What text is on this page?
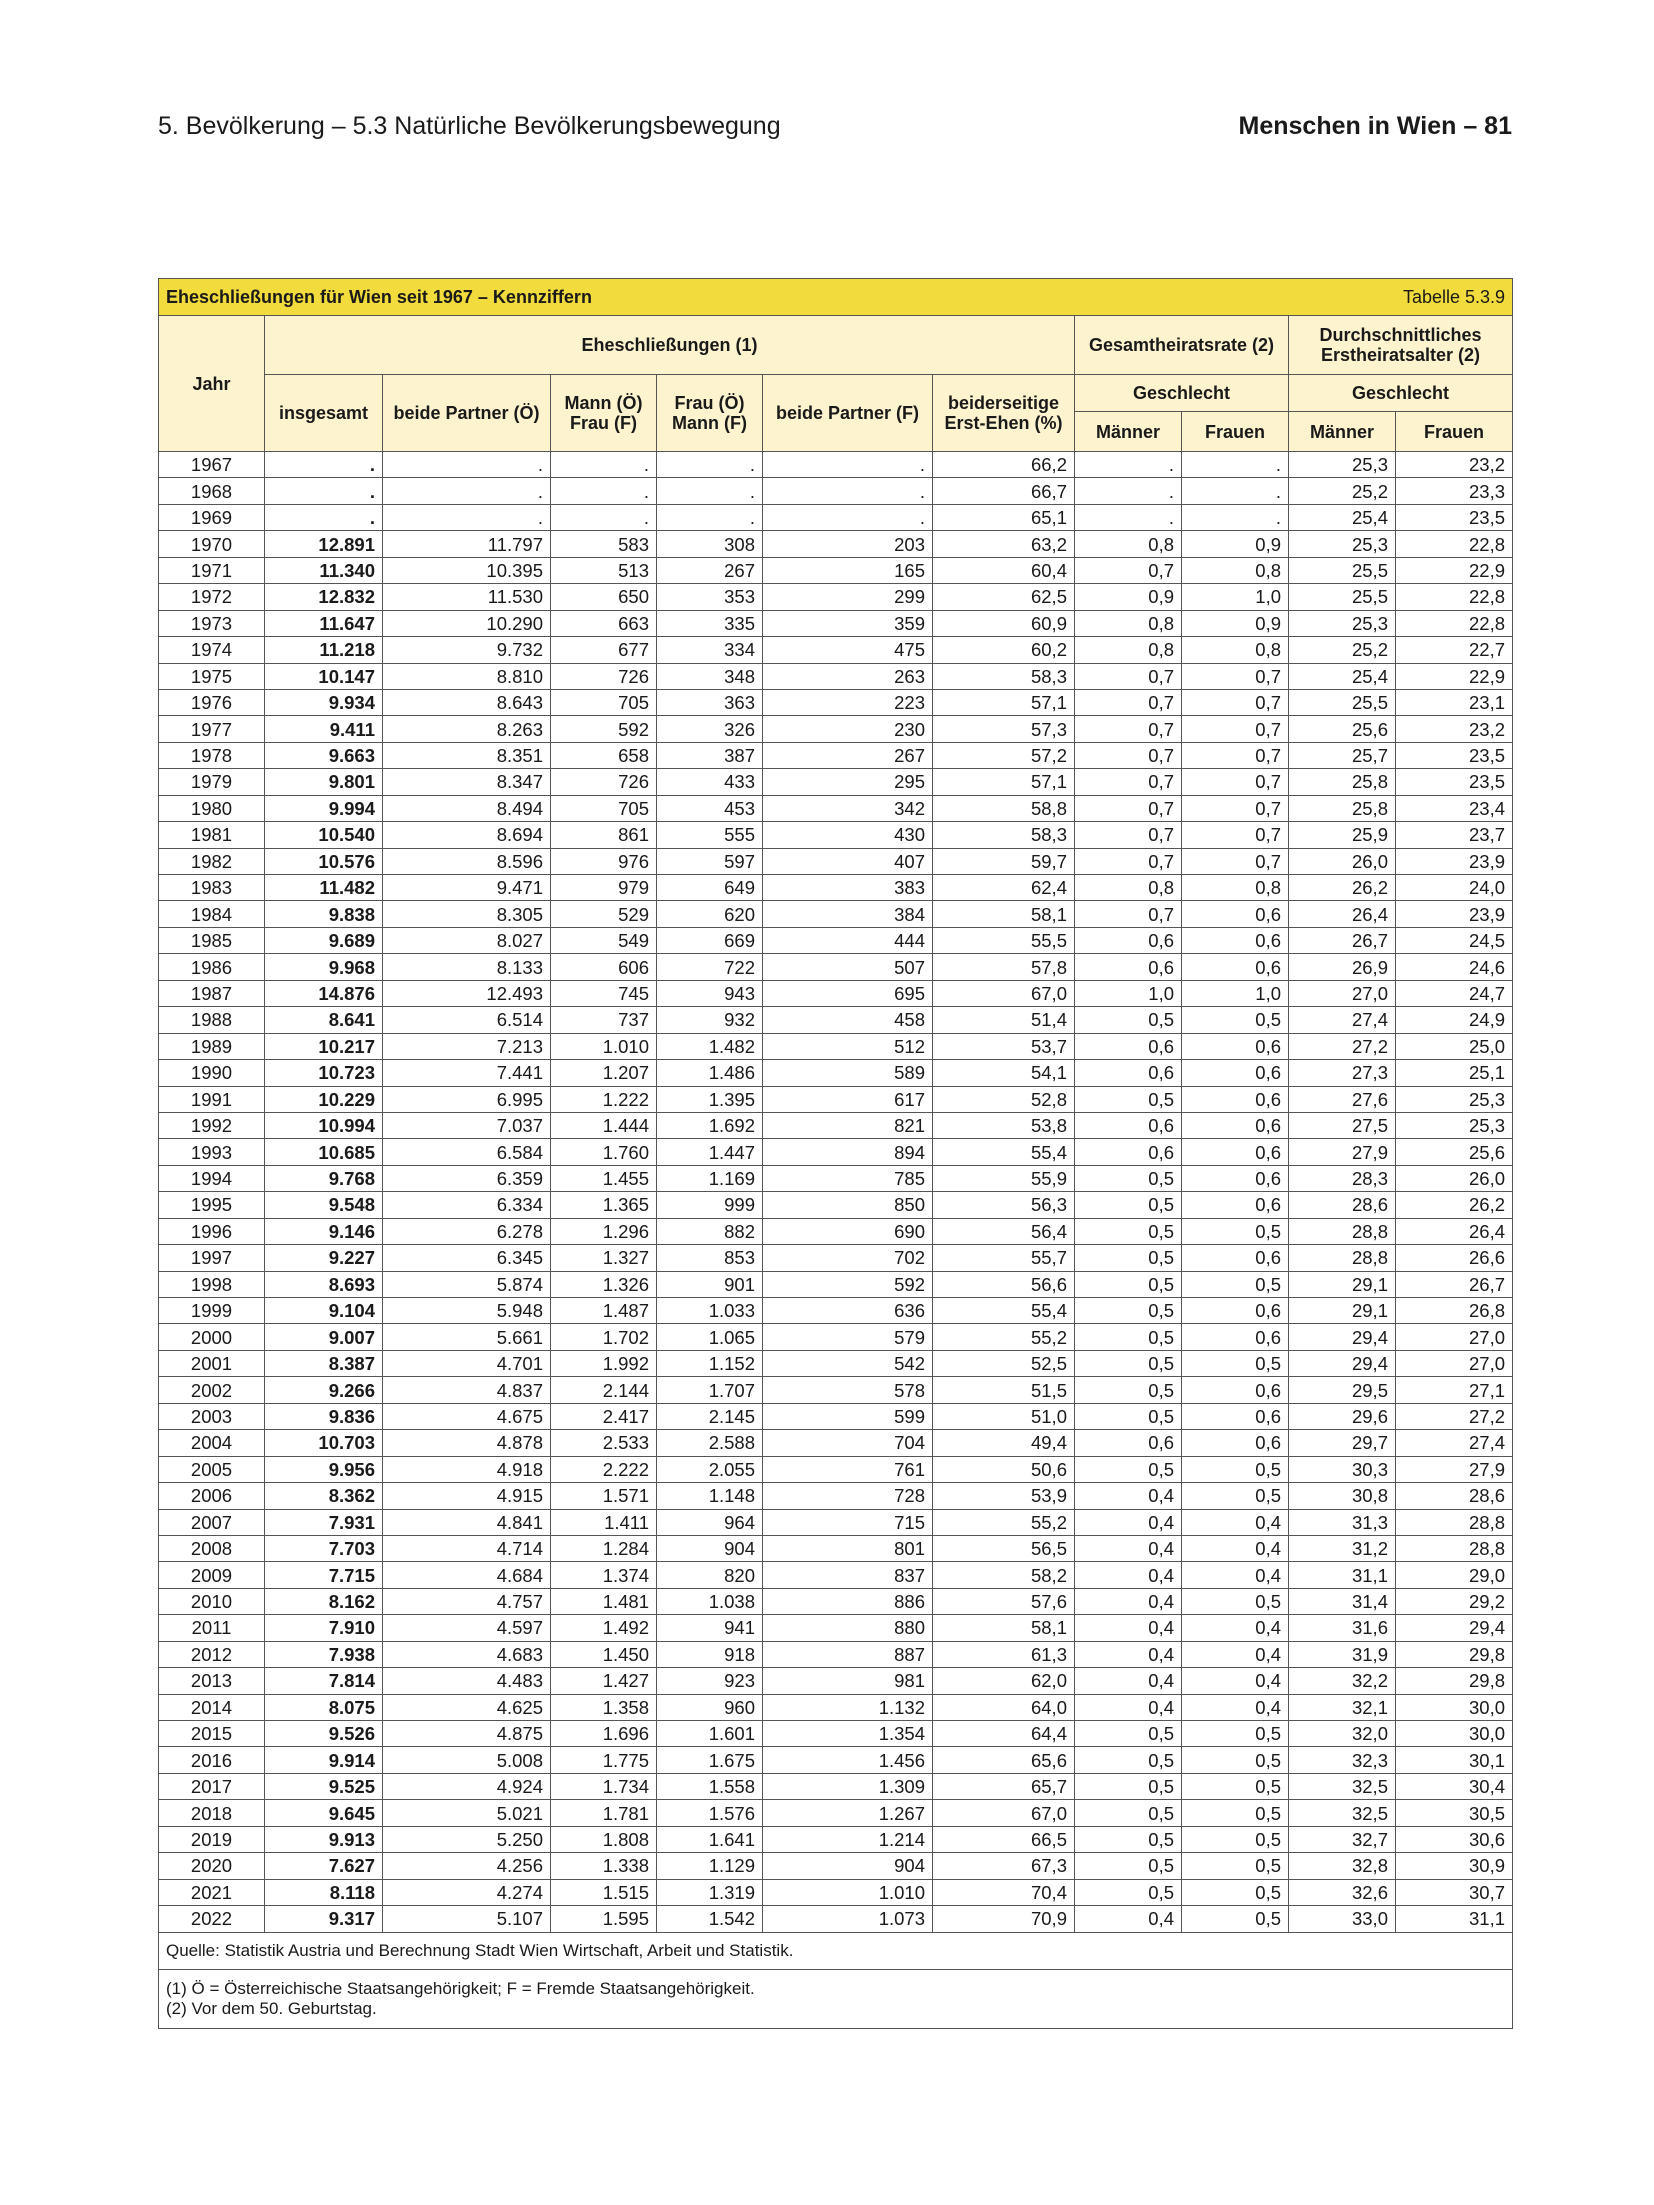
5. Bevölkerung – 5.3 Natürliche Bevölkerungsbewegung	Menschen in Wien – 81
Eheschließungen für Wien seit 1967 – Kennziffern						Tabelle 5.3.9				
Jahr	Eheschließungen (1)						Gesamtheiratsrate (2)		Durchschnittliches Erstheiratsalter (2)	
	insgesamt	beide Partner (Ö)	Mann (Ö) Frau (F)	Frau (Ö) Mann (F)	beide Partner (F)	beiderseitige Erst-Ehen (%)	Geschlecht		Geschlecht	
							Männer	Frauen	Männer	Frauen
1967	.	.	.	.	.	66,2	.	.	25,3	23,2
1968	.	.	.	.	.	66,7	.	.	25,2	23,3
1969	.	.	.	.	.	65,1	.	.	25,4	23,5
1970	12.891	11.797	583	308	203	63,2	0,8	0,9	25,3	22,8
1971	11.340	10.395	513	267	165	60,4	0,7	0,8	25,5	22,9
1972	12.832	11.530	650	353	299	62,5	0,9	1,0	25,5	22,8
1973	11.647	10.290	663	335	359	60,9	0,8	0,9	25,3	22,8
1974	11.218	9.732	677	334	475	60,2	0,8	0,8	25,2	22,7
1975	10.147	8.810	726	348	263	58,3	0,7	0,7	25,4	22,9
1976	9.934	8.643	705	363	223	57,1	0,7	0,7	25,5	23,1
1977	9.411	8.263	592	326	230	57,3	0,7	0,7	25,6	23,2
1978	9.663	8.351	658	387	267	57,2	0,7	0,7	25,7	23,5
1979	9.801	8.347	726	433	295	57,1	0,7	0,7	25,8	23,5
1980	9.994	8.494	705	453	342	58,8	0,7	0,7	25,8	23,4
1981	10.540	8.694	861	555	430	58,3	0,7	0,7	25,9	23,7
1982	10.576	8.596	976	597	407	59,7	0,7	0,7	26,0	23,9
1983	11.482	9.471	979	649	383	62,4	0,8	0,8	26,2	24,0
1984	9.838	8.305	529	620	384	58,1	0,7	0,6	26,4	23,9
1985	9.689	8.027	549	669	444	55,5	0,6	0,6	26,7	24,5
1986	9.968	8.133	606	722	507	57,8	0,6	0,6	26,9	24,6
1987	14.876	12.493	745	943	695	67,0	1,0	1,0	27,0	24,7
1988	8.641	6.514	737	932	458	51,4	0,5	0,5	27,4	24,9
1989	10.217	7.213	1.010	1.482	512	53,7	0,6	0,6	27,2	25,0
1990	10.723	7.441	1.207	1.486	589	54,1	0,6	0,6	27,3	25,1
1991	10.229	6.995	1.222	1.395	617	52,8	0,5	0,6	27,6	25,3
1992	10.994	7.037	1.444	1.692	821	53,8	0,6	0,6	27,5	25,3
1993	10.685	6.584	1.760	1.447	894	55,4	0,6	0,6	27,9	25,6
1994	9.768	6.359	1.455	1.169	785	55,9	0,5	0,6	28,3	26,0
1995	9.548	6.334	1.365	999	850	56,3	0,5	0,6	28,6	26,2
1996	9.146	6.278	1.296	882	690	56,4	0,5	0,5	28,8	26,4
1997	9.227	6.345	1.327	853	702	55,7	0,5	0,6	28,8	26,6
1998	8.693	5.874	1.326	901	592	56,6	0,5	0,5	29,1	26,7
1999	9.104	5.948	1.487	1.033	636	55,4	0,5	0,6	29,1	26,8
2000	9.007	5.661	1.702	1.065	579	55,2	0,5	0,6	29,4	27,0
2001	8.387	4.701	1.992	1.152	542	52,5	0,5	0,5	29,4	27,0
2002	9.266	4.837	2.144	1.707	578	51,5	0,5	0,6	29,5	27,1
2003	9.836	4.675	2.417	2.145	599	51,0	0,5	0,6	29,6	27,2
2004	10.703	4.878	2.533	2.588	704	49,4	0,6	0,6	29,7	27,4
2005	9.956	4.918	2.222	2.055	761	50,6	0,5	0,5	30,3	27,9
2006	8.362	4.915	1.571	1.148	728	53,9	0,4	0,5	30,8	28,6
2007	7.931	4.841	1.411	964	715	55,2	0,4	0,4	31,3	28,8
2008	7.703	4.714	1.284	904	801	56,5	0,4	0,4	31,2	28,8
2009	7.715	4.684	1.374	820	837	58,2	0,4	0,4	31,1	29,0
2010	8.162	4.757	1.481	1.038	886	57,6	0,4	0,5	31,4	29,2
2011	7.910	4.597	1.492	941	880	58,1	0,4	0,4	31,6	29,4
2012	7.938	4.683	1.450	918	887	61,3	0,4	0,4	31,9	29,8
2013	7.814	4.483	1.427	923	981	62,0	0,4	0,4	32,2	29,8
2014	8.075	4.625	1.358	960	1.132	64,0	0,4	0,4	32,1	30,0
2015	9.526	4.875	1.696	1.601	1.354	64,4	0,5	0,5	32,0	30,0
2016	9.914	5.008	1.775	1.675	1.456	65,6	0,5	0,5	32,3	30,1
2017	9.525	4.924	1.734	1.558	1.309	65,7	0,5	0,5	32,5	30,4
2018	9.645	5.021	1.781	1.576	1.267	67,0	0,5	0,5	32,5	30,5
2019	9.913	5.250	1.808	1.641	1.214	66,5	0,5	0,5	32,7	30,6
2020	7.627	4.256	1.338	1.129	904	67,3	0,5	0,5	32,8	30,9
2021	8.118	4.274	1.515	1.319	1.010	70,4	0,5	0,5	32,6	30,7
2022	9.317	5.107	1.595	1.542	1.073	70,9	0,4	0,5	33,0	31,1
Quelle: Statistik Austria und Berechnung Stadt Wien Wirtschaft, Arbeit und Statistik.										

(1) Ö = Österreichische Staatsangehörigkeit; F = Fremde Staatsangehörigkeit.
(2) Vor dem 50. Geburtstag.										
